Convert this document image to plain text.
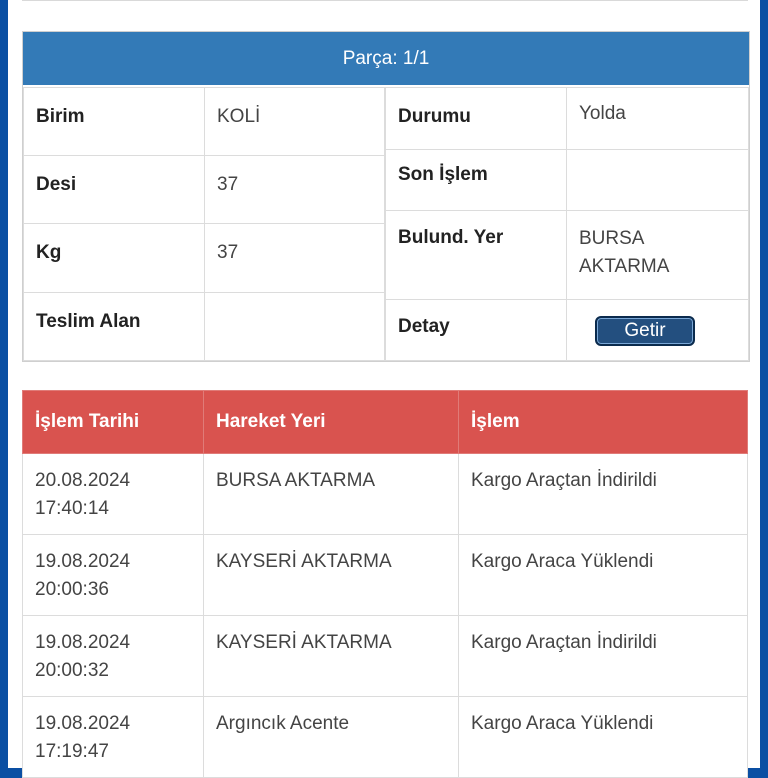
Parça: 1/1
Birim	KOLİ
Desi	37
Kg	37
Teslim Alan	
Durumu	Yolda
Son İşlem	
Bulund. Yer	BURSA
AKTARMA
Detay	Getir
İşlem Tarihi	Hareket Yeri	İşlem
20.08.2024
17:40:14	BURSA AKTARMA	Kargo Araçtan İndirildi
19.08.2024
20:00:36	KAYSERİ AKTARMA	Kargo Araca Yüklendi
19.08.2024
20:00:32	KAYSERİ AKTARMA	Kargo Araçtan İndirildi
19.08.2024
17:19:47	Argıncık Acente	Kargo Araca Yüklendi
